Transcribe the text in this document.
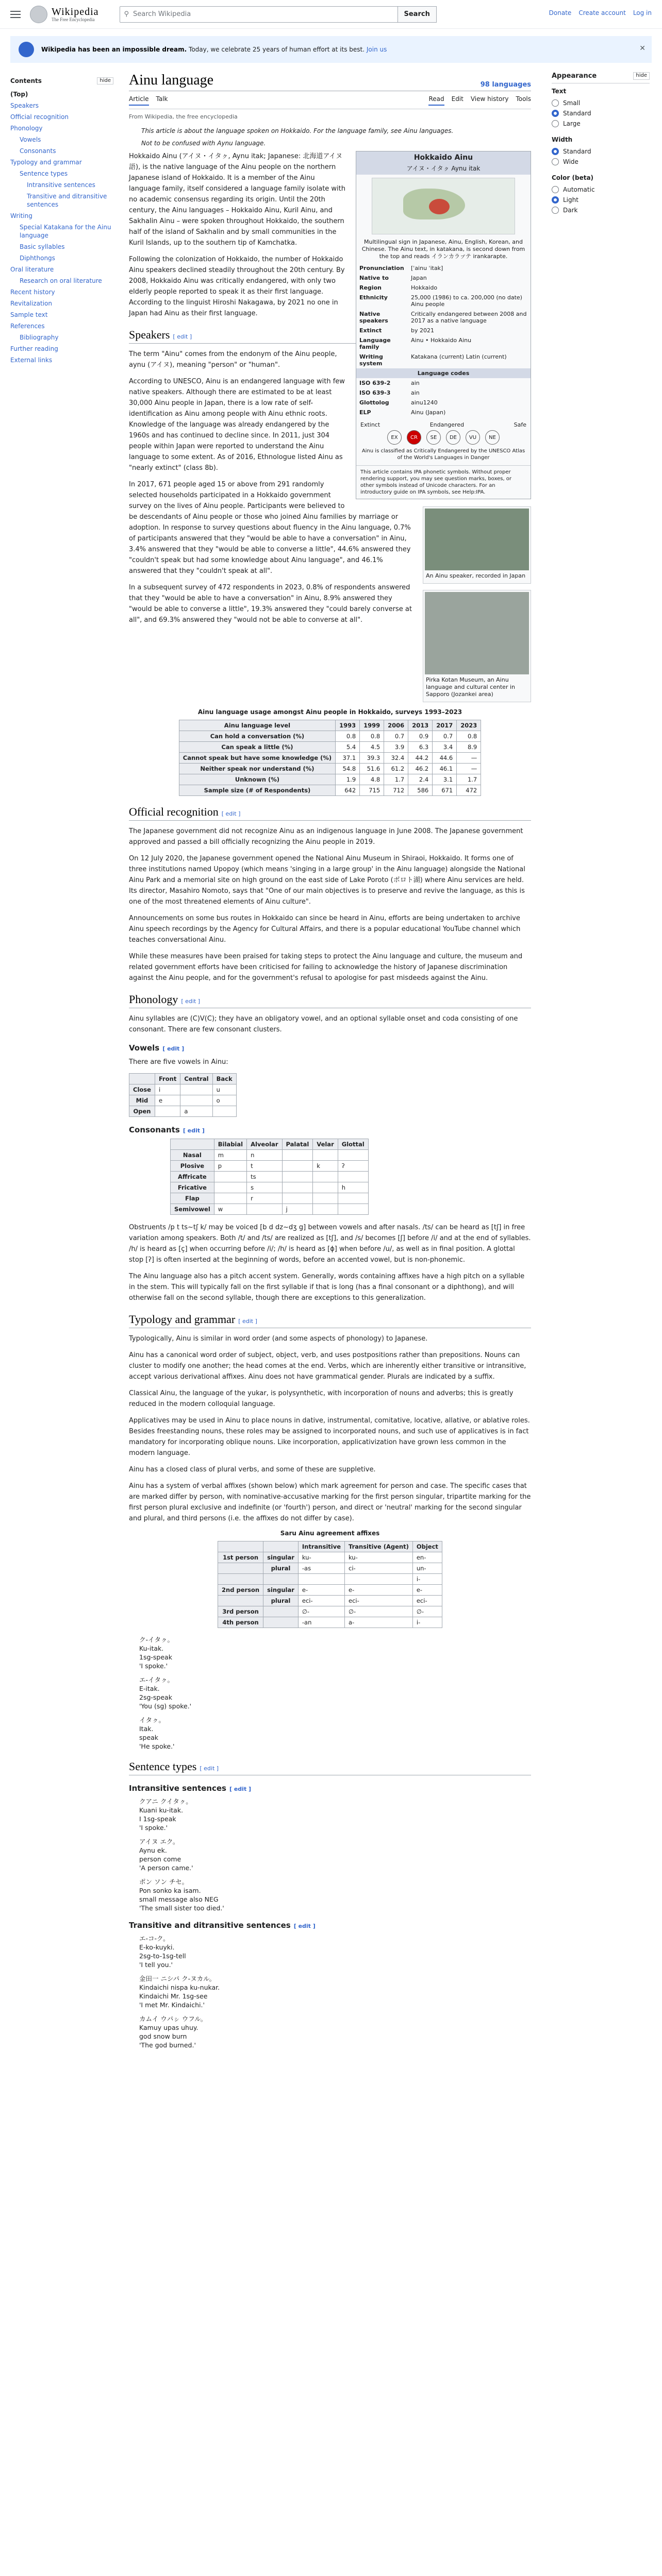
Wikipedia
The Free Encyclopedia
⚲ Search Wikipedia	Search	Donate Create account Log in
Wikipedia has been an impossible dream. Today, we celebrate 25 years of human effort at its best. Join us	✕
Contents	hide
(Top)
Speakers
Official recognition
Phonology
Vowels
Consonants
Typology and grammar
Sentence types
Intransitive sentences
Transitive and ditransitive sentences
Writing
Special Katakana for the Ainu language
Basic syllables
Diphthongs
Oral literature
Research on oral literature
Recent history
Revitalization
Sample text
References
Bibliography
Further reading
External links
Ainu language	98 languages
Article Talk	Read Edit View history Tools
From Wikipedia, the free encyclopedia
This article is about the language spoken on Hokkaido. For the language family, see Ainu languages.
Not to be confused with Aynu language.
Hokkaido Ainu
アイヌ・イタㇰ Aynu itak
Multilingual sign in Japanese, Ainu, English, Korean, and Chinese. The Ainu text, in katakana, is second down from the top and reads イランカラㇷ゚テ irankarapte.
Pronunciation	[ˈainu ˈitak]
Native to	Japan
Region	Hokkaido
Ethnicity	25,000 (1986) to ca. 200,000 (no date) Ainu people
Native speakers	Critically endangered between 2008 and 2017 as a native language
Extinct	by 2021
Language family	Ainu • Hokkaido Ainu
Writing system	Katakana (current) Latin (current)
Language codes
ISO 639-2	ain
ISO 639-3	ain
Glottolog	ainu1240
ELP	Ainu (Japan)
Extinct	Endangered	Safe
EX	CR	SE	DE	VU	NE
Ainu is classified as Critically Endangered by the UNESCO Atlas of the World's Languages in Danger
This article contains IPA phonetic symbols. Without proper rendering support, you may see question marks, boxes, or other symbols instead of Unicode characters. For an introductory guide on IPA symbols, see Help:IPA.

Hokkaido Ainu (アイヌ・イタㇰ, Aynu itak; Japanese: 北海道アイヌ語), is the native language of the Ainu people on the northern Japanese island of Hokkaido. It is a member of the Ainu language family, itself considered a language family isolate with no academic consensus regarding its origin. Until the 20th century, the Ainu languages – Hokkaido Ainu, Kuril Ainu, and Sakhalin Ainu – were spoken throughout Hokkaido, the southern half of the island of Sakhalin and by small communities in the Kuril Islands, up to the southern tip of Kamchatka.

Following the colonization of Hokkaido, the number of Hokkaido Ainu speakers declined steadily throughout the 20th century. By 2008, Hokkaido Ainu was critically endangered, with only two elderly people reported to speak it as their first language. According to the linguist Hiroshi Nakagawa, by 2021 no one in Japan had Ainu as their first language.

Speakers [ edit ]
An Ainu speaker, recorded in Japan

The term "Ainu" comes from the endonym of the Ainu people, aynu (アイヌ), meaning "person" or "human".

According to UNESCO, Ainu is an endangered language with few native speakers. Although there are estimated to be at least 30,000 Ainu people in Japan, there is a low rate of self-identification as Ainu among people with Ainu ethnic roots. Knowledge of the language was already endangered by the 1960s and has continued to decline since. In 2011, just 304 people within Japan were reported to understand the Ainu language to some extent. As of 2016, Ethnologue listed Ainu as "nearly extinct" (class 8b).

Pirka Kotan Museum, an Ainu language and cultural center in Sapporo (Jozankei area)

In 2017, 671 people aged 15 or above from 291 randomly selected households participated in a Hokkaido government survey on the lives of Ainu people. Participants were believed to be descendants of Ainu people or those who joined Ainu families by marriage or adoption. In response to survey questions about fluency in the Ainu language, 0.7% of participants answered that they "would be able to have a conversation" in Ainu, 3.4% answered that they "would be able to converse a little", 44.6% answered they "couldn't speak but had some knowledge about Ainu language", and 46.1% answered that they "couldn't speak at all".

In a subsequent survey of 472 respondents in 2023, 0.8% of respondents answered that they "would be able to have a conversation" in Ainu, 8.9% answered they "would be able to converse a little", 19.3% answered they "could barely converse at all", and 69.3% answered they "would not be able to converse at all".

Ainu language usage amongst Ainu people in Hokkaido, surveys 1993–2023
Ainu language level	1993	1999	2006	2013	2017	2023
Can hold a conversation (%)	0.8	0.8	0.7	0.9	0.7	0.8
Can speak a little (%)	5.4	4.5	3.9	6.3	3.4	8.9
Cannot speak but have some knowledge (%)	37.1	39.3	32.4	44.2	44.6	—
Neither speak nor understand (%)	54.8	51.6	61.2	46.2	46.1	—
Unknown (%)	1.9	4.8	1.7	2.4	3.1	1.7
Sample size (# of Respondents)	642	715	712	586	671	472
Official recognition [ edit ]

The Japanese government did not recognize Ainu as an indigenous language in June 2008. The Japanese government approved and passed a bill officially recognizing the Ainu people in 2019.

On 12 July 2020, the Japanese government opened the National Ainu Museum in Shiraoi, Hokkaido. It forms one of three institutions named Upopoy (which means 'singing in a large group' in the Ainu language) alongside the National Ainu Park and a memorial site on high ground on the east side of Lake Poroto (ポロト湖) where Ainu services are held. Its director, Masahiro Nomoto, says that "One of our main objectives is to preserve and revive the language, as this is one of the most threatened elements of Ainu culture".

Announcements on some bus routes in Hokkaido can since be heard in Ainu, efforts are being undertaken to archive Ainu speech recordings by the Agency for Cultural Affairs, and there is a popular educational YouTube channel which teaches conversational Ainu.

While these measures have been praised for taking steps to protect the Ainu language and culture, the museum and related government efforts have been criticised for failing to acknowledge the history of Japanese discrimination against the Ainu people, and for the government's refusal to apologise for past misdeeds against the Ainu.

Phonology [ edit ]

Ainu syllables are (C)V(C); they have an obligatory vowel, and an optional syllable onset and coda consisting of one consonant. There are few consonant clusters.

Vowels [ edit ]

There are five vowels in Ainu:

	Front	Central	Back
Close	i		u
Mid	e		o
Open		a	
Consonants [ edit ]
	Bilabial	Alveolar	Palatal	Velar	Glottal
Nasal	m	n			
Plosive	p	t		k	ʔ
Affricate		ts			
Fricative		s			h
Flap		r			
Semivowel	w		j		

Obstruents /p t ts~tʃ k/ may be voiced [b d dz~dʒ g] between vowels and after nasals. /ts/ can be heard as [tʃ] in free variation among speakers. Both /t/ and /ts/ are realized as [tʃ], and /s/ becomes [ʃ] before /i/ and at the end of syllables. /h/ is heard as [ç] when occurring before /i/; /h/ is heard as [ɸ] when before /u/, as well as in final position. A glottal stop [ʔ] is often inserted at the beginning of words, before an accented vowel, but is non-phonemic.

The Ainu language also has a pitch accent system. Generally, words containing affixes have a high pitch on a syllable in the stem. This will typically fall on the first syllable if that is long (has a final consonant or a diphthong), and will otherwise fall on the second syllable, though there are exceptions to this generalization.

Typology and grammar [ edit ]

Typologically, Ainu is similar in word order (and some aspects of phonology) to Japanese.

Ainu has a canonical word order of subject, object, verb, and uses postpositions rather than prepositions. Nouns can cluster to modify one another; the head comes at the end. Verbs, which are inherently either transitive or intransitive, accept various derivational affixes. Ainu does not have grammatical gender. Plurals are indicated by a suffix.

Classical Ainu, the language of the yukar, is polysynthetic, with incorporation of nouns and adverbs; this is greatly reduced in the modern colloquial language.

Applicatives may be used in Ainu to place nouns in dative, instrumental, comitative, locative, allative, or ablative roles. Besides freestanding nouns, these roles may be assigned to incorporated nouns, and such use of applicatives is in fact mandatory for incorporating oblique nouns. Like incorporation, applicativization have grown less common in the modern language.

Ainu has a closed class of plural verbs, and some of these are suppletive.

Ainu has a system of verbal affixes (shown below) which mark agreement for person and case. The specific cases that are marked differ by person, with nominative-accusative marking for the first person singular, tripartite marking for the first person plural exclusive and indefinite (or 'fourth') person, and direct or 'neutral' marking for the second singular and plural, and third persons (i.e. the affixes do not differ by case).

Saru Ainu agreement affixes
		Intransitive	Transitive (Agent)	Object
1st person	singular	ku-	ku-	en-
	plural	-as	ci-	un-
				i-
2nd person	singular	e-	e-	e-
	plural	eci-	eci-	eci-
3rd person		∅-	∅-	∅-
4th person		-an	a-	i-
ク-イタㇰ。
Ku-itak.
1sg-speak
'I spoke.'
エ-イタㇰ。
E-itak.
2sg-speak
'You (sg) spoke.'
イタㇰ。
Itak.
speak
'He spoke.'
Sentence types [ edit ]
Intransitive sentences [ edit ]
クアニ クイタㇰ。
Kuani ku-itak.
I 1sg-speak
'I spoke.'
アイヌ エク。
Aynu ek.
person come
'A person came.'
ポン ソン チセ。
Pon sonko ka isam.
small message also NEG
'The small sister too died.'
Transitive and ditransitive sentences [ edit ]
エ-コ-ク。
E-ko-kuyki.
2sg-to-1sg-tell
'I tell you.'
金田一 ニシパ ク-ヌカル。
Kindaichi nispa ku-nukar.
Kindaichi Mr. 1sg-see
'I met Mr. Kindaichi.'
カムイ ウパㇱ ウフル。
Kamuy upas uhuy.
god snow burn
'The god burned.'
Appearance	hide
Text
Small
Standard
Large
Width
Standard
Wide
Color (beta)
Automatic
Light
Dark
